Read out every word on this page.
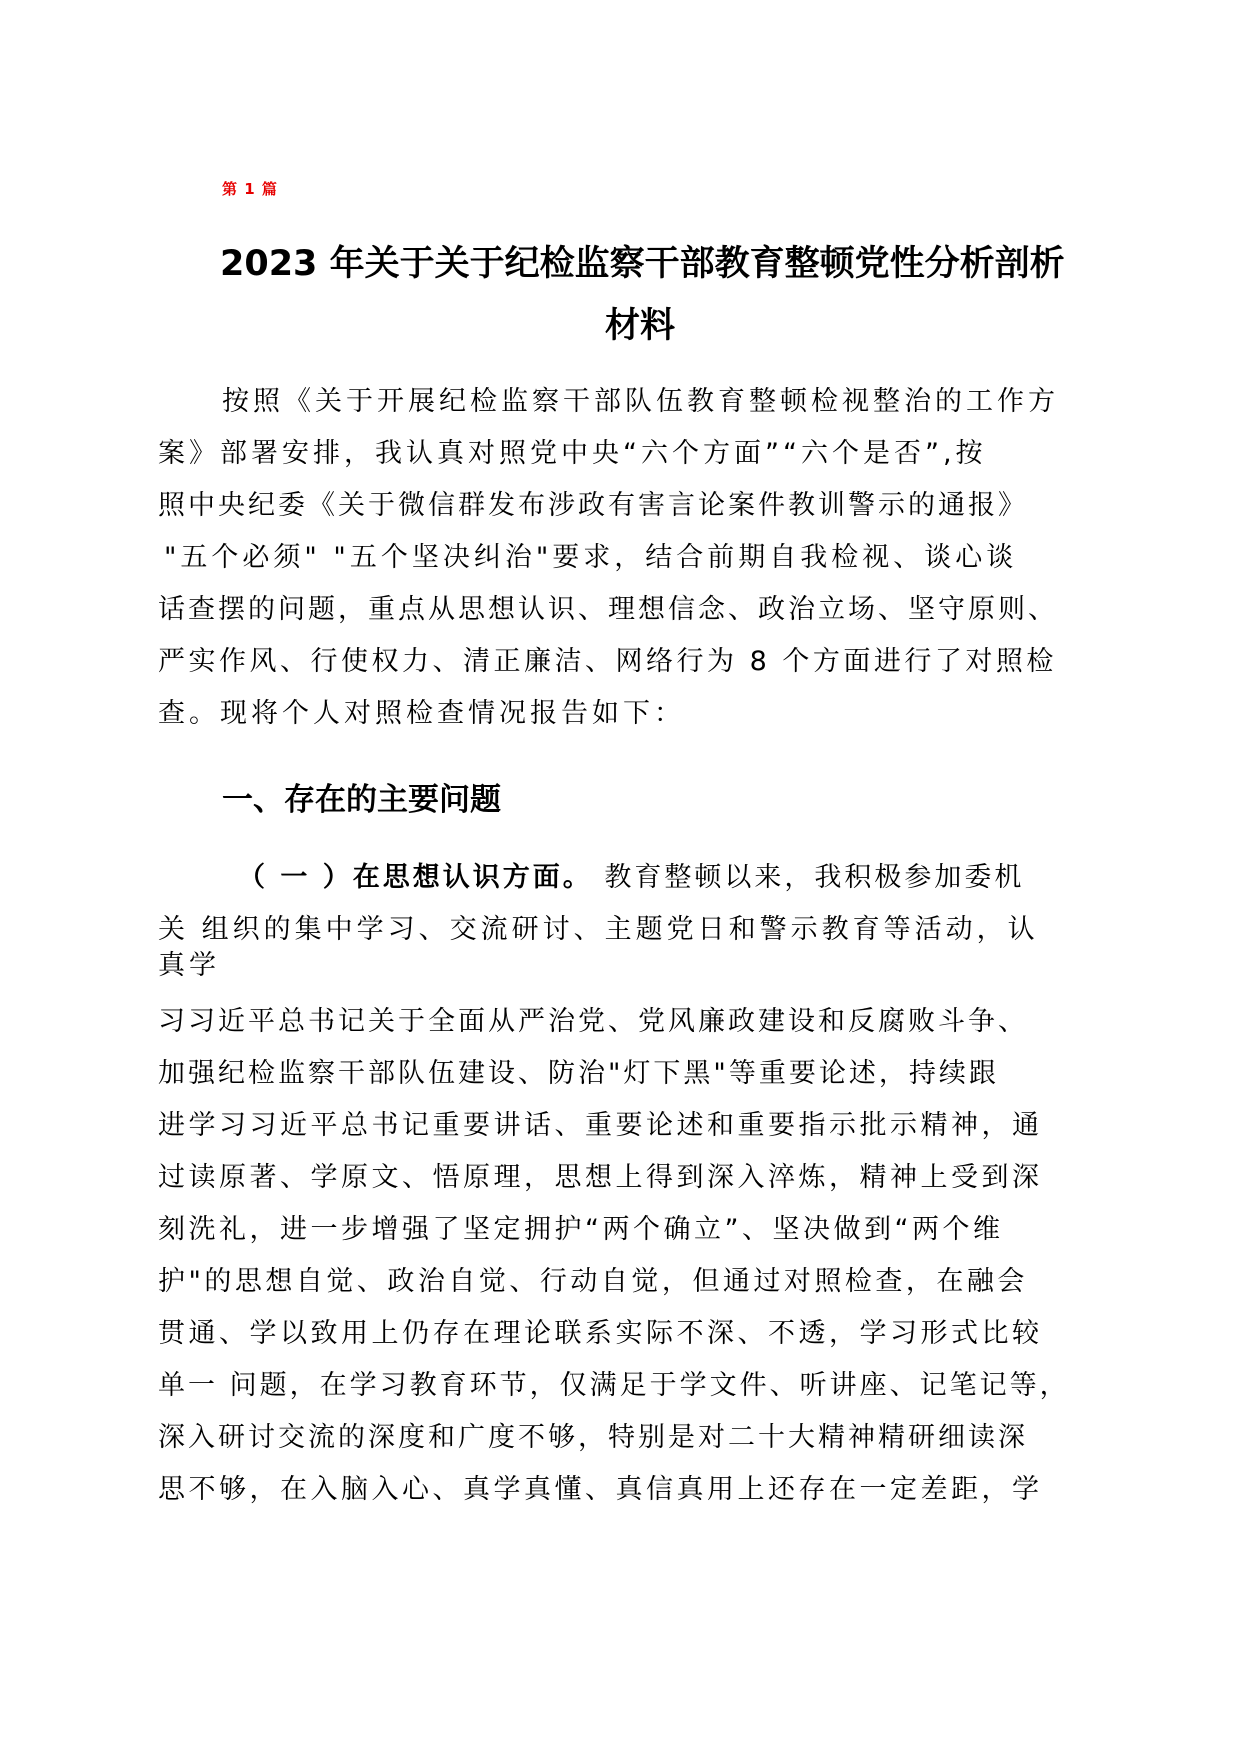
第 1 篇
2023 年关于关于纪检监察干部教育整顿党性分析剖析
材料
按照《关于开展纪检监察干部队伍教育整顿检视整治的工作方
案》部署安排，我认真对照党中央“六个方面”“六个是否”,按
照中央纪委《关于微信群发布涉政有害言论案件教训警示的通报》
"五个必须" "五个坚决纠治"要求，结合前期自我检视、谈心谈
话查摆的问题，重点从思想认识、理想信念、政治立场、坚守原则、
严实作风、行使权力、清正廉洁、网络行为 8 个方面进行了对照检
查。现将个人对照检查情况报告如下：
一、存在的主要问题
（ 一 ）在思想认识方面。 教育整顿以来，我积极参加委机
关 组织的集中学习、交流研讨、主题党日和警示教育等活动，认
真学
习习近平总书记关于全面从严治党、党风廉政建设和反腐败斗争、
加强纪检监察干部队伍建设、防治"灯下黑"等重要论述，持续跟
进学习习近平总书记重要讲话、重要论述和重要指示批示精神，通
过读原著、学原文、悟原理，思想上得到深入淬炼，精神上受到深
刻洗礼，进一步增强了坚定拥护“两个确立”、坚决做到“两个维
护"的思想自觉、政治自觉、行动自觉，但通过对照检查，在融会
贯通、学以致用上仍存在理论联系实际不深、不透，学习形式比较
单一 问题，在学习教育环节，仅满足于学文件、听讲座、记笔记等，
深入研讨交流的深度和广度不够，特别是对二十大精神精研细读深
思不够，在入脑入心、真学真懂、真信真用上还存在一定差距，学
